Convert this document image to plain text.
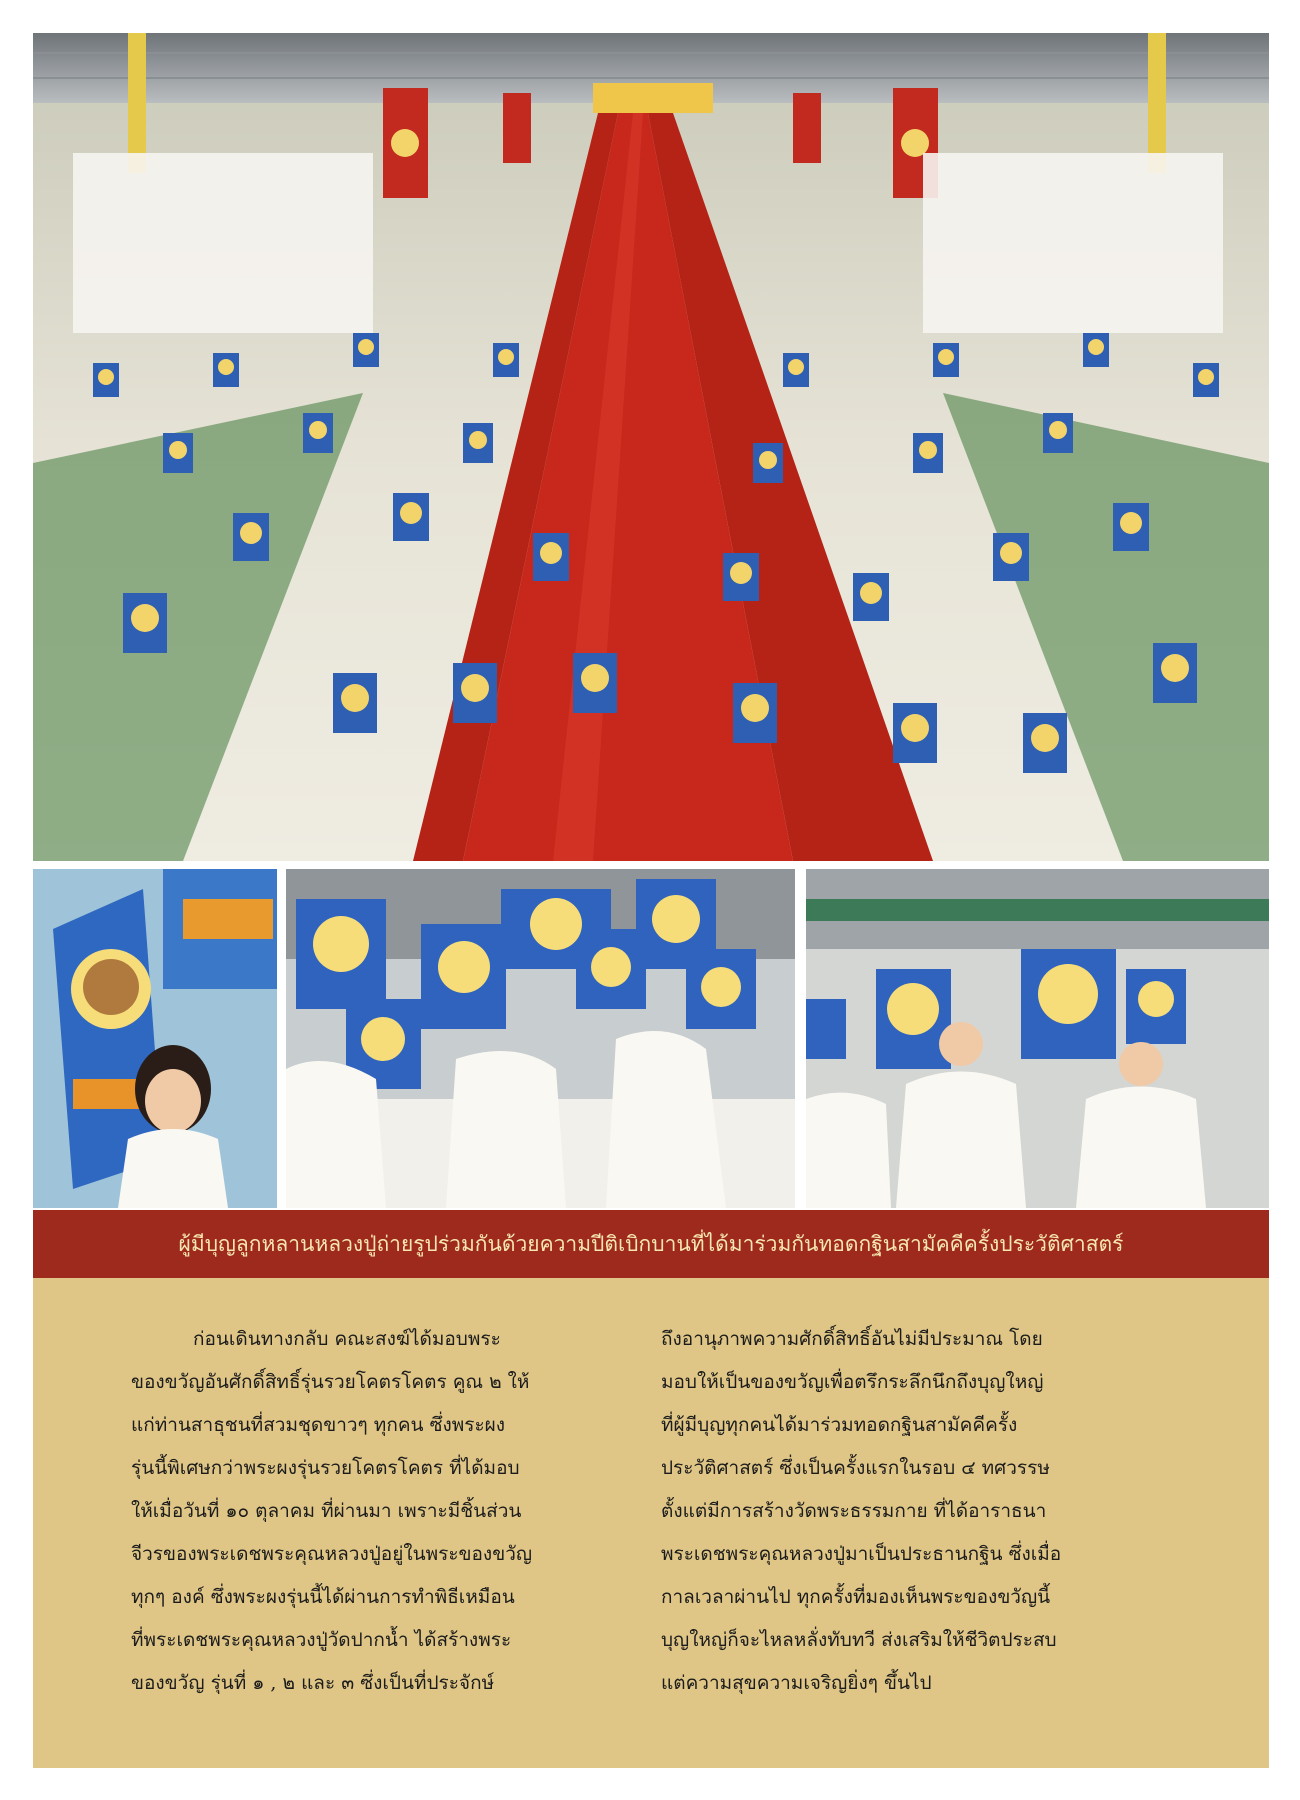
ผู้มีบุญลูกหลานหลวงปู่ถ่ายรูปร่วมกันด้วยความปีติเบิกบานที่ได้มาร่วมกันทอดกฐินสามัคคีครั้งประวัติศาสตร์
ก่อนเดินทางกลับ คณะสงฆ์ได้มอบพระ
ของขวัญอันศักดิ์สิทธิ์รุ่นรวยโคตรโคตร คูณ ๒ ให้
แก่ท่านสาธุชนที่สวมชุดขาวๆ ทุกคน ซึ่งพระผง
รุ่นนี้พิเศษกว่าพระผงรุ่นรวยโคตรโคตร ที่ได้มอบ
ให้เมื่อวันที่ ๑๐ ตุลาคม ที่ผ่านมา เพราะมีชิ้นส่วน
จีวรของพระเดชพระคุณหลวงปู่อยู่ในพระของขวัญ
ทุกๆ องค์ ซึ่งพระผงรุ่นนี้ได้ผ่านการทำพิธีเหมือน
ที่พระเดชพระคุณหลวงปู่วัดปากน้ำ ได้สร้างพระ
ของขวัญ รุ่นที่ ๑ , ๒ และ ๓ ซึ่งเป็นที่ประจักษ์
ถึงอานุภาพความศักดิ์สิทธิ์อันไม่มีประมาณ โดย
มอบให้เป็นของขวัญเพื่อตรึกระลึกนึกถึงบุญใหญ่
ที่ผู้มีบุญทุกคนได้มาร่วมทอดกฐินสามัคคีครั้ง
ประวัติศาสตร์ ซึ่งเป็นครั้งแรกในรอบ ๔ ทศวรรษ
ตั้งแต่มีการสร้างวัดพระธรรมกาย ที่ได้อาราธนา
พระเดชพระคุณหลวงปู่มาเป็นประธานกฐิน ซึ่งเมื่อ
กาลเวลาผ่านไป ทุกครั้งที่มองเห็นพระของขวัญนี้
บุญใหญ่ก็จะไหลหลั่งทับทวี ส่งเสริมให้ชีวิตประสบ
แต่ความสุขความเจริญยิ่งๆ ขึ้นไป
